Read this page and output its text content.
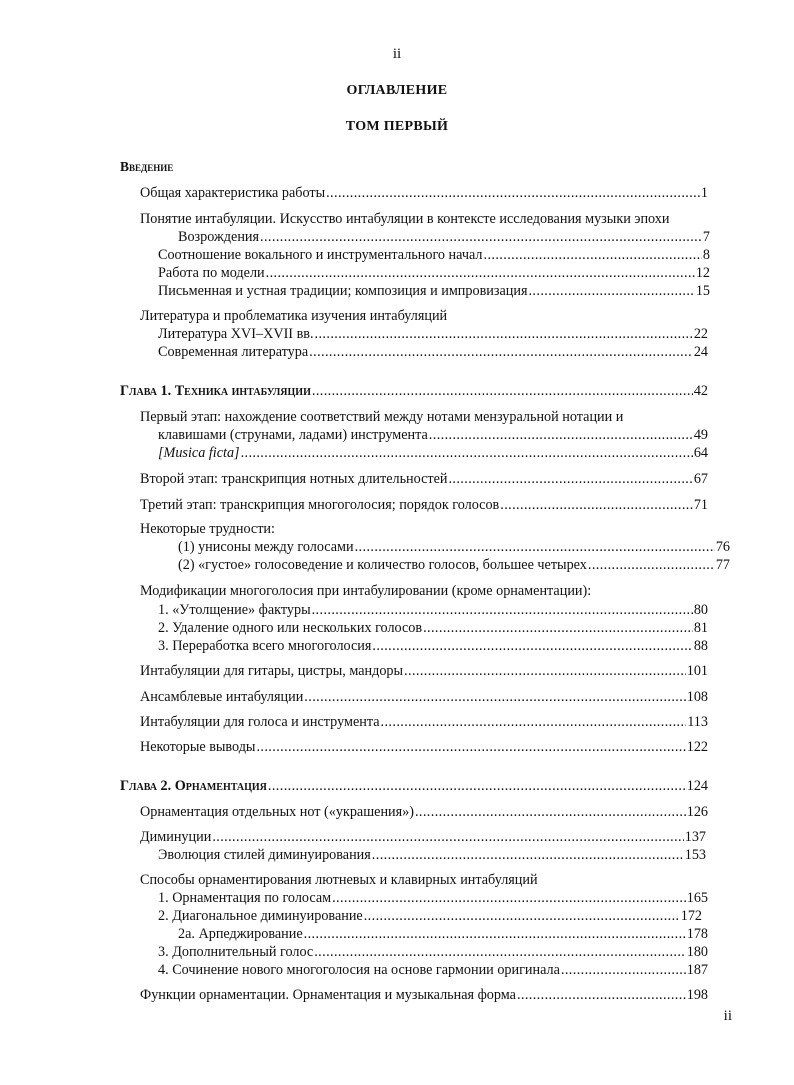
ii
ОГЛАВЛЕНИЕ
ТОМ ПЕРВЫЙ
Введение
Общая характеристика работы .....	1
Понятие интабуляции. Искусство интабуляции в контексте исследования музыки эпохи
Возрождения .....	7
Соотношение вокального и инструментального начал .....	8
Работа по модели .....	12
Письменная и устная традиции; композиция и импровизация .....	15
Литература и проблематика изучения интабуляций
Литература XVI–XVII вв. .....	22
Современная литература .....	24
Глава 1. Техника интабуляции .....	42
Первый этап: нахождение соответствий между нотами мензуральной нотации и
клавишами (струнами, ладами) инструмента .....	49
[Musica ficta] .....	64
Второй этап: транскрипция нотных длительностей .....	67
Третий этап: транскрипция многоголосия; порядок голосов .....	71
Некоторые трудности:
(1) унисоны между голосами .....	76
(2) «густое» голосоведение и количество голосов, большее четырех .....	77
Модификации многоголосия при интабулировании (кроме орнаментации):
1. «Утолщение» фактуры .....	80
2. Удаление одного или нескольких голосов .....	81
3. Переработка всего многоголосия .....	88
Интабуляции для гитары, цистры, мандоры .....	101
Ансамблевые интабуляции .....	108
Интабуляции для голоса и инструмента .....	113
Некоторые выводы .....	122
Глава 2. Орнаментация .....	124
Орнаментация отдельных нот («украшения») .....	126
Диминуции .....	137
Эволюция стилей диминуирования .....	153
Способы орнаментирования лютневых и клавирных интабуляций
1. Орнаментация по голосам .....	165
2. Диагональное диминуирование .....	172
2а. Арпеджирование .....	178
3. Дополнительный голос .....	180
4. Сочинение нового многоголосия на основе гармонии оригинала .....	187
Функции орнаментации. Орнаментация и музыкальная форма .....	198
ii
